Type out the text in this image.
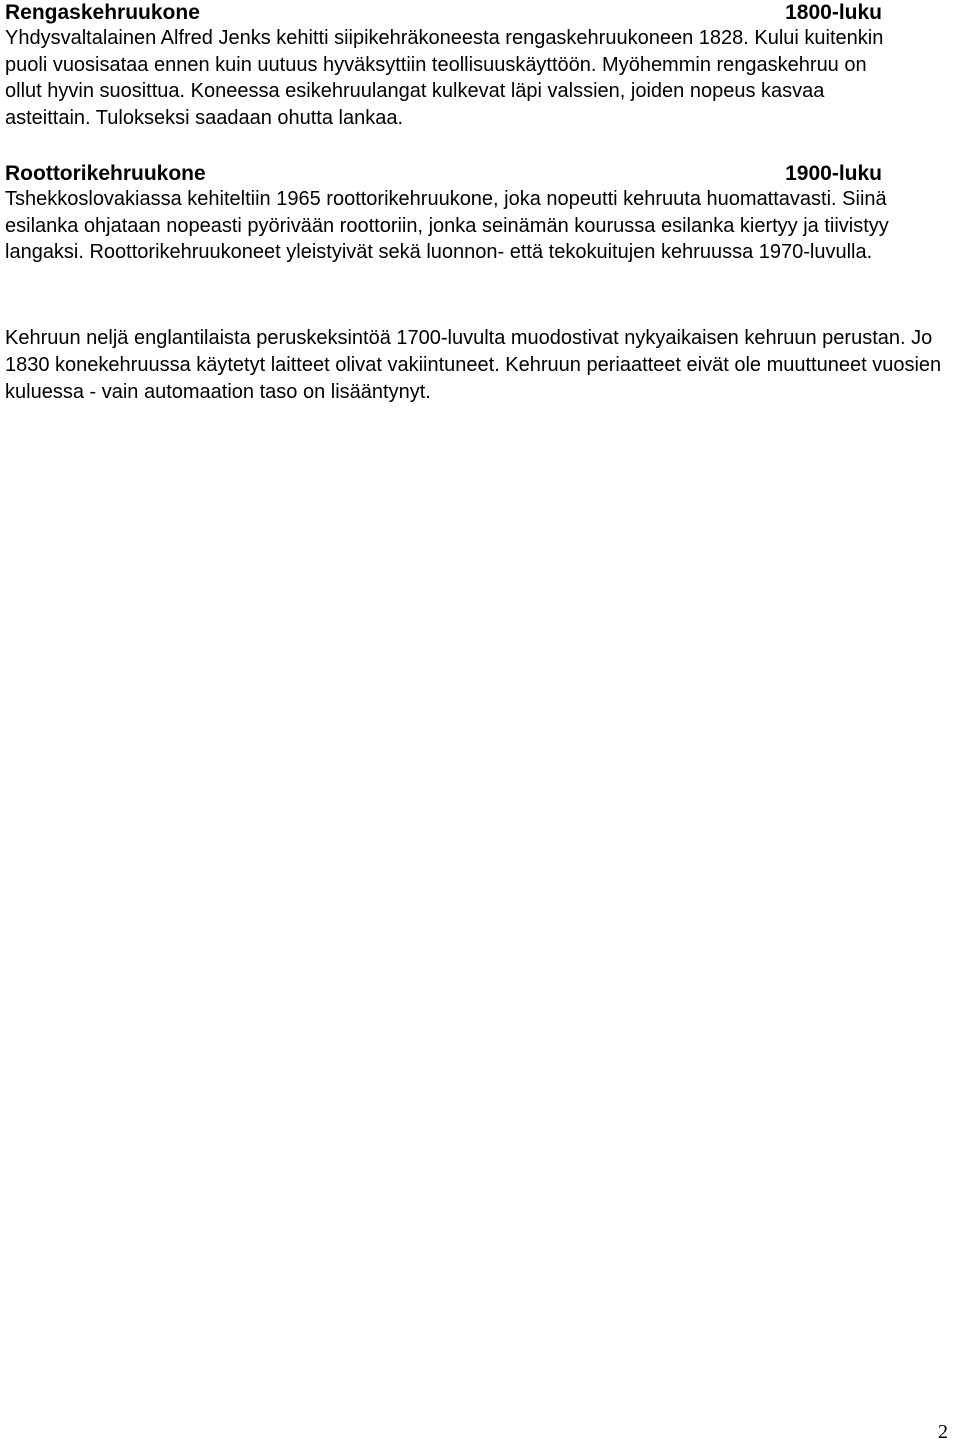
Rengaskehruukone	1800-luku

Yhdysvaltalainen Alfred Jenks kehitti siipikehräkoneesta rengaskehruukoneen 1828. Kului kuitenkin puoli vuosisataa ennen kuin uutuus hyväksyttiin teollisuuskäyttöön. Myöhemmin rengaskehruu on ollut hyvin suosittua. Koneessa esikehruulangat kulkevat läpi valssien, joiden nopeus kasvaa asteittain. Tulokseksi saadaan ohutta lankaa.

Roottorikehruukone	1900-luku

Tshekkoslovakiassa kehiteltiin 1965 roottorikehruukone, joka nopeutti kehruuta huomattavasti. Siinä esilanka ohjataan nopeasti pyörivään roottoriin, jonka seinämän kourussa esilanka kiertyy ja tiivistyy langaksi. Roottorikehruukoneet yleistyivät sekä luonnon- että tekokuitujen kehruussa 1970-luvulla.

Kehruun neljä englantilaista peruskeksintöä 1700-luvulta muodostivat nykyaikaisen kehruun perustan. Jo 1830 konekehruussa käytetyt laitteet olivat vakiintuneet. Kehruun periaatteet eivät ole muuttuneet vuosien kuluessa - vain automaation taso on lisääntynyt.

2
